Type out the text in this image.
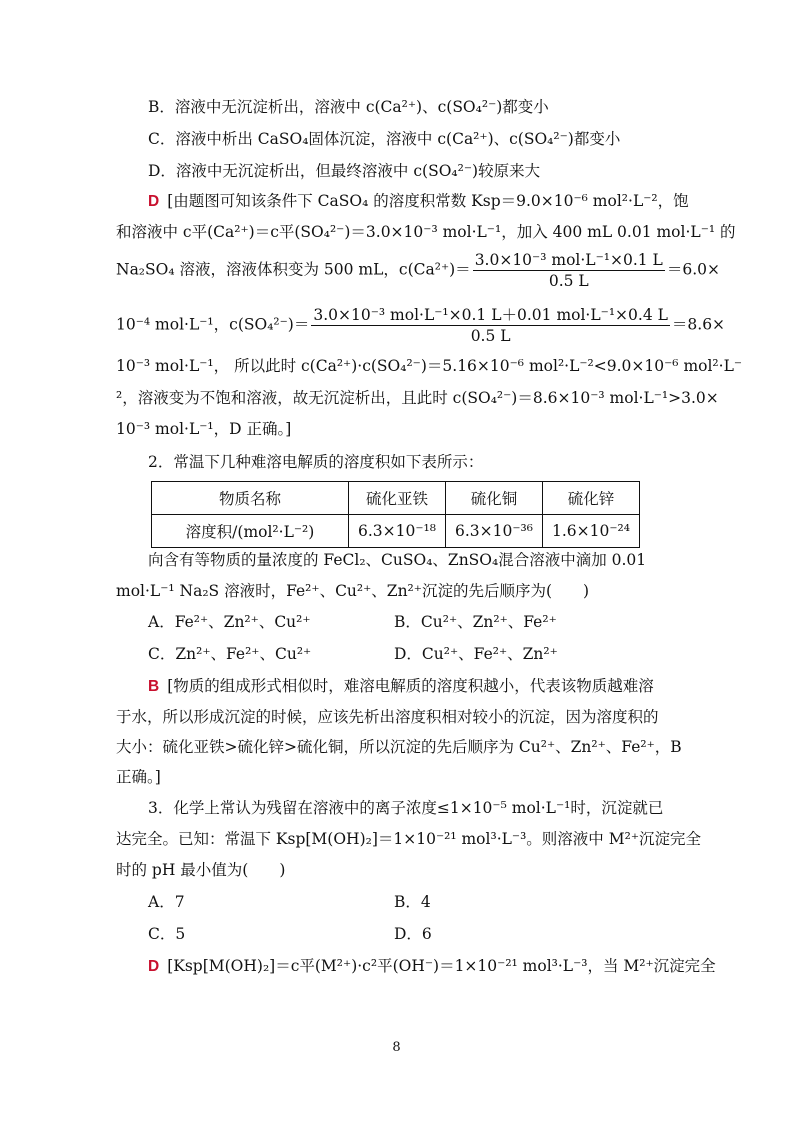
B．溶液中无沉淀析出，溶液中 c(Ca²⁺)、c(SO₄²⁻)都变小
C．溶液中析出 CaSO₄固体沉淀，溶液中 c(Ca²⁺)、c(SO₄²⁻)都变小
D．溶液中无沉淀析出，但最终溶液中 c(SO₄²⁻)较原来大
D [由题图可知该条件下 CaSO₄ 的溶度积常数 Ksp＝9.0×10⁻⁶ mol²·L⁻²，饱
和溶液中 c平(Ca²⁺)＝c平(SO₄²⁻)＝3.0×10⁻³ mol·L⁻¹，加入 400 mL 0.01 mol·L⁻¹ 的
Na₂SO₄ 溶液，溶液体积变为 500 mL，$c(Ca^{2+})= \frac{\text{3.0×10⁻³ mol·L⁻¹×0.1 L}}{0.5 L} =6.0\times$
10⁻⁴ mol·L⁻¹，$c(SO_4^{2-})= \frac{\text{3.0×10⁻³ mol·L⁻¹×0.1 L＋0.01 mol·L⁻¹×0.4 L}}{0.5 L} =8.6\times$
10⁻³ mol·L⁻¹， 所以此时 c(Ca²⁺)·c(SO₄²⁻)＝5.16×10⁻⁶ mol²·L⁻²<9.0×10⁻⁶ mol²·L⁻
²，溶液变为不饱和溶液，故无沉淀析出，且此时 c(SO₄²⁻)＝8.6×10⁻³ mol·L⁻¹>3.0×
10⁻³ mol·L⁻¹，D 正确。]
2．常温下几种难溶电解质的溶度积如下表所示：
物质名称	硫化亚铁	硫化铜	硫化锌
溶度积/(mol²·L⁻²)	6.3×10⁻¹⁸	6.3×10⁻³⁶	1.6×10⁻²⁴
向含有等物质的量浓度的 FeCl₂、CuSO₄、ZnSO₄混合溶液中滴加 0.01
mol·L⁻¹ Na₂S 溶液时，Fe²⁺、Cu²⁺、Zn²⁺沉淀的先后顺序为(　　)
A．Fe²⁺、Zn²⁺、Cu²⁺	B．Cu²⁺、Zn²⁺、Fe²⁺
C．Zn²⁺、Fe²⁺、Cu²⁺	D．Cu²⁺、Fe²⁺、Zn²⁺
B [物质的组成形式相似时，难溶电解质的溶度积越小，代表该物质越难溶
于水，所以形成沉淀的时候，应该先析出溶度积相对较小的沉淀，因为溶度积的
大小：硫化亚铁>硫化锌>硫化铜，所以沉淀的先后顺序为 Cu²⁺、Zn²⁺、Fe²⁺，B
正确。]
3．化学上常认为残留在溶液中的离子浓度≤1×10⁻⁵ mol·L⁻¹时，沉淀就已
达完全。已知：常温下 Ksp[M(OH)₂]＝1×10⁻²¹ mol³·L⁻³。则溶液中 M²⁺沉淀完全
时的 pH 最小值为(　　)
A．7	B．4
C．5	D．6
D [Ksp[M(OH)₂]＝c平(M²⁺)·c²平(OH⁻)＝1×10⁻²¹ mol³·L⁻³，当 M²⁺沉淀完全
8
